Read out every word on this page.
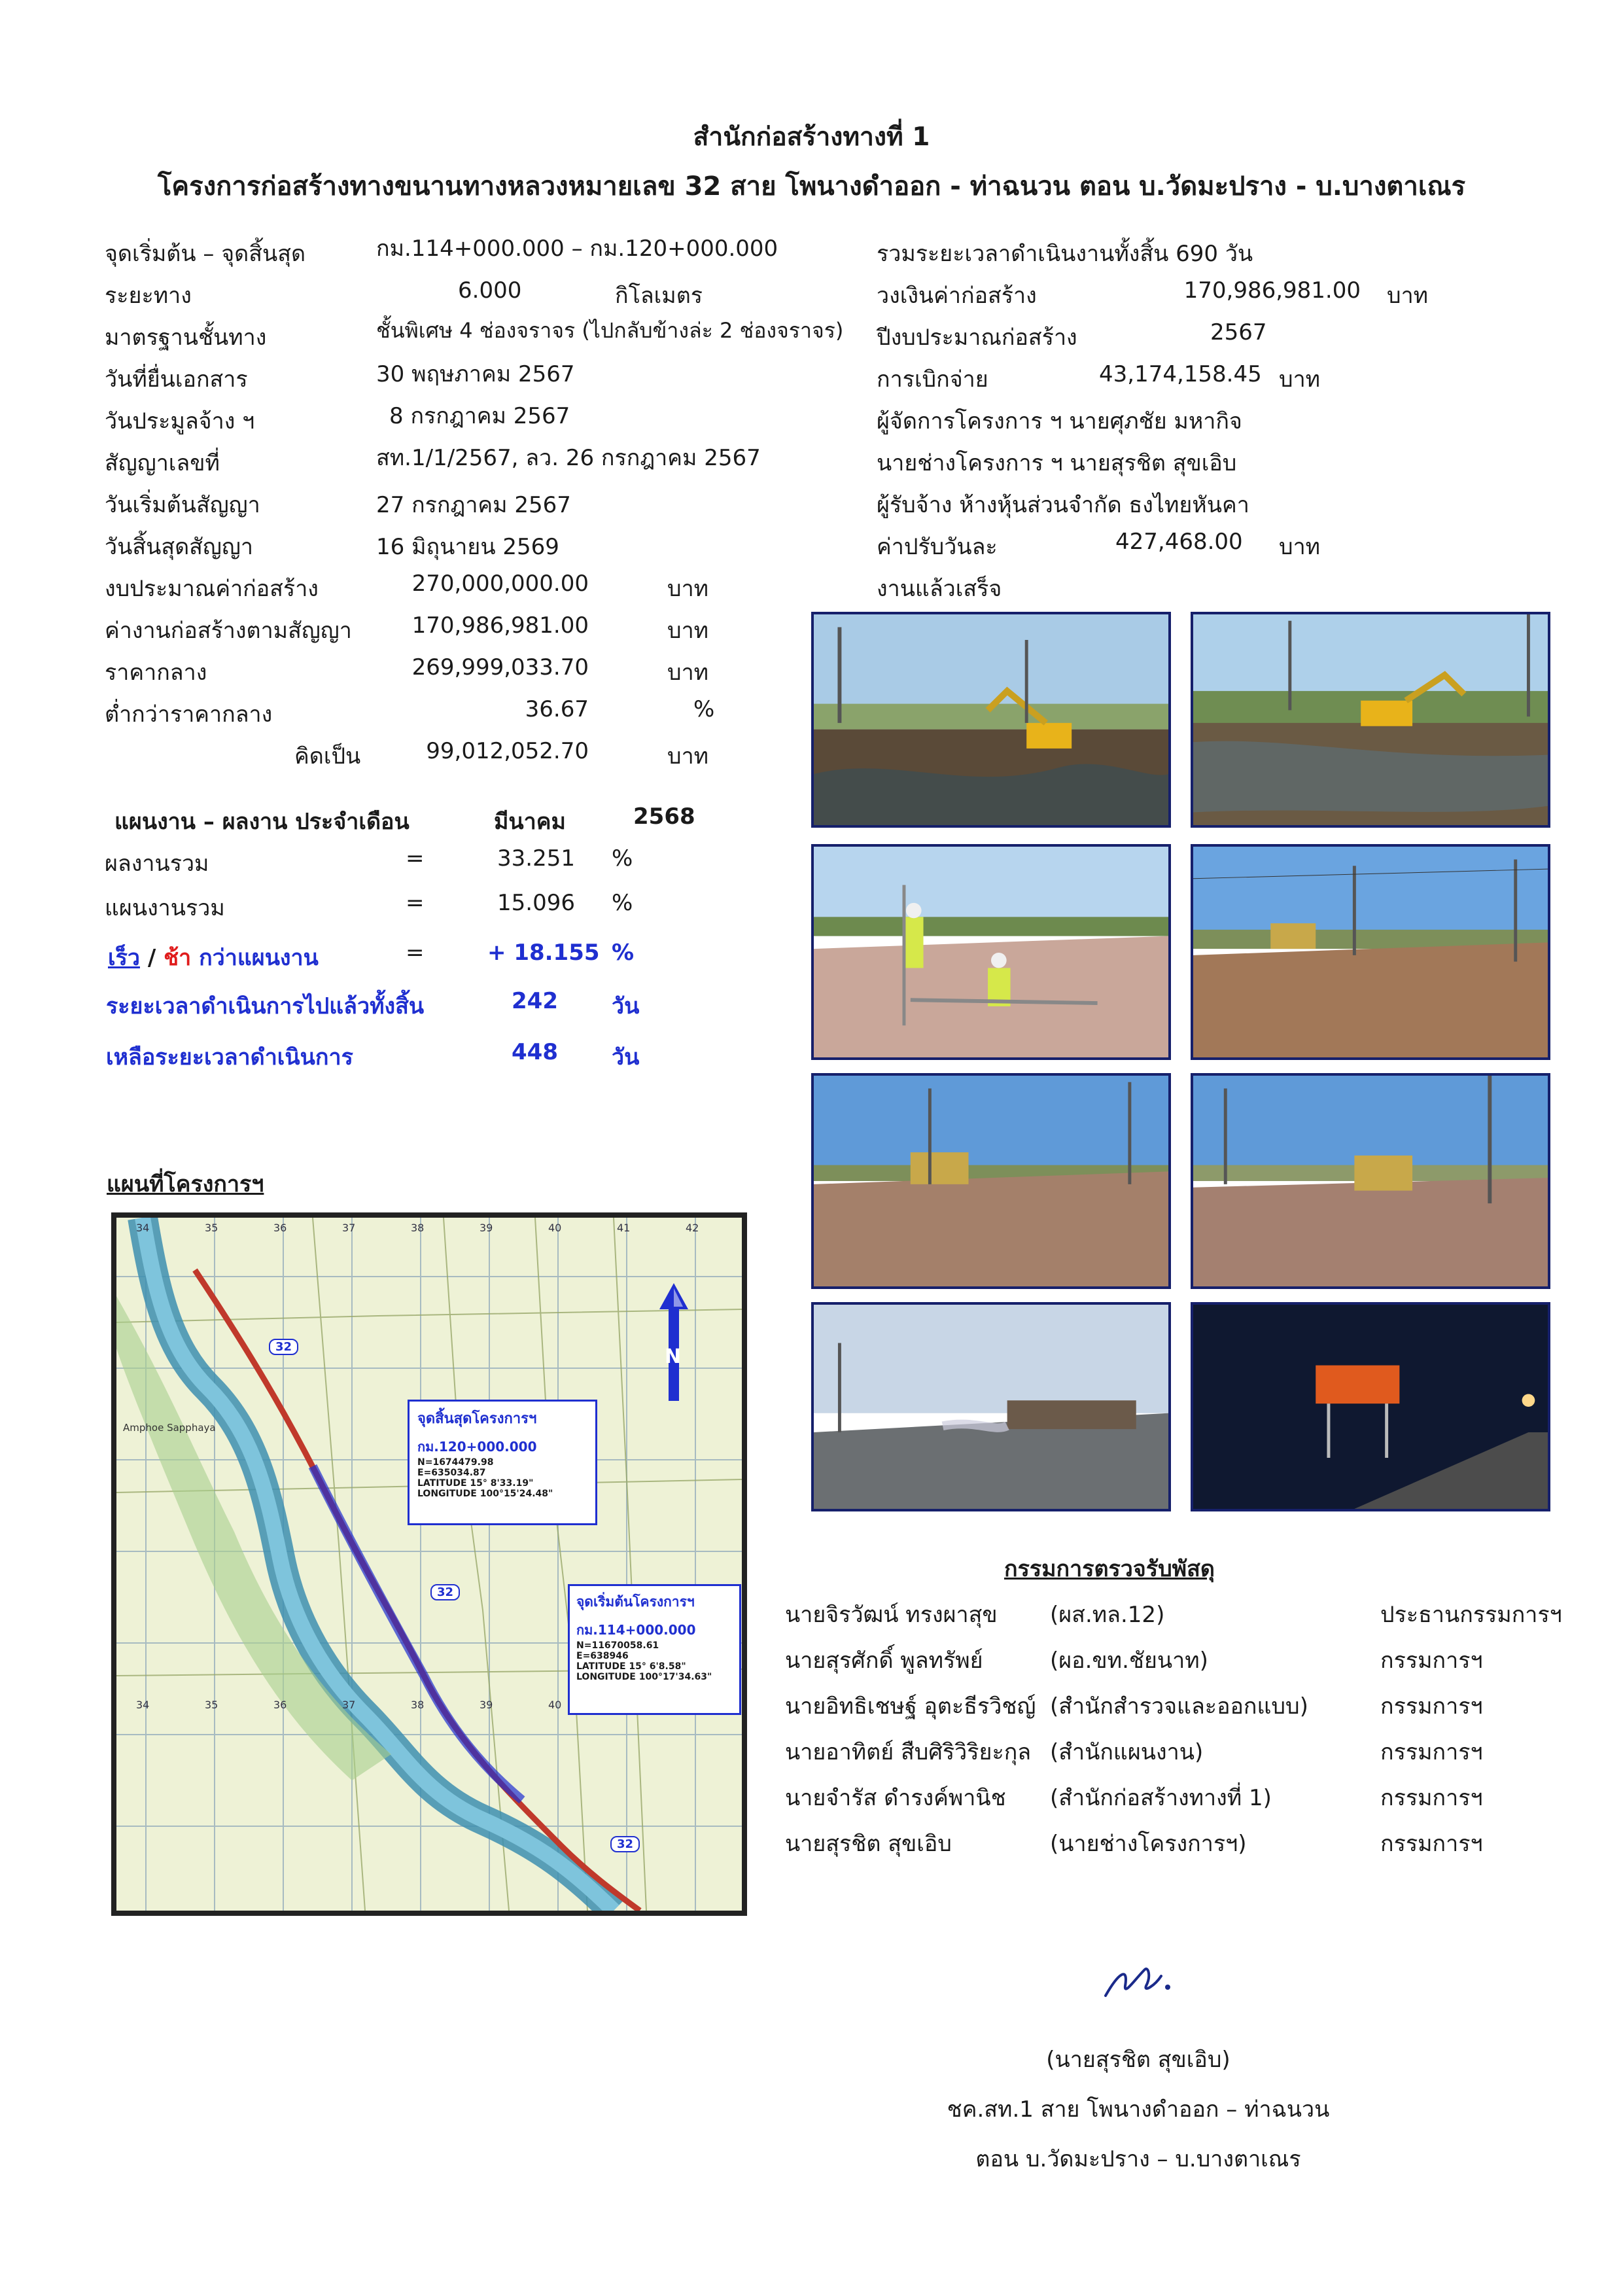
สำนักก่อสร้างทางที่ 1
โครงการก่อสร้างทางขนานทางหลวงหมายเลข 32 สาย โพนางดำออก - ท่าฉนวน ตอน บ.วัดมะปราง - บ.บางตาเณร
จุดเริ่มต้น – จุดสิ้นสุด	กม.114+000.000 – กม.120+000.000
ระยะทาง	6.000	กิโลเมตร
มาตรฐานชั้นทาง	ชั้นพิเศษ 4 ช่องจราจร (ไปกลับข้างล่ะ 2 ช่องจราจร)
วันที่ยื่นเอกสาร	30 พฤษภาคม 2567
วันประมูลจ้าง ฯ	8 กรกฎาคม 2567
สัญญาเลขที่	สท.1/1/2567, ลว. 26 กรกฎาคม 2567
วันเริ่มต้นสัญญา	27 กรกฎาคม 2567
วันสิ้นสุดสัญญา	16 มิถุนายน 2569
งบประมาณค่าก่อสร้าง	270,000,000.00	บาท
ค่างานก่อสร้างตามสัญญา	170,986,981.00	บาท
ราคากลาง	269,999,033.70	บาท
ต่ำกว่าราคากลาง	36.67	%
คิดเป็น	99,012,052.70	บาท
รวมระยะเวลาดำเนินงานทั้งสิ้น 690 วัน
วงเงินค่าก่อสร้าง	170,986,981.00 บาท
ปีงบประมาณก่อสร้าง	2567
การเบิกจ่าย	43,174,158.45 บาท
ผู้จัดการโครงการ ฯ นายศุภชัย มหากิจ
นายช่างโครงการ ฯ นายสุรชิต สุขเอิบ
ผู้รับจ้าง ห้างหุ้นส่วนจำกัด ธงไทยหันคา
ค่าปรับวันละ	427,468.00 บาท
งานแล้วเสร็จ
แผนงาน – ผลงาน ประจำเดือน	มีนาคม	2568
ผลงานรวม	=	33.251 %
แผนงานรวม	=	15.096 %
เร็ว / ช้า กว่าแผนงาน	=	+ 18.155 %
ระยะเวลาดำเนินการไปแล้วทั้งสิ้น	242 วัน
เหลือระยะเวลาดำเนินการ	448 วัน
แผนที่โครงการฯ
34	35	36	37	38	39	40	41	42
34	35	36	37	38	39	40
32
32
32
Amphoe Sapphaya
N
จุดสิ้นสุดโครงการฯ
กม.120+000.000
N=1674479.98
E=635034.87
LATITUDE 15° 8'33.19"
LONGITUDE 100°15'24.48"
จุดเริ่มต้นโครงการฯ
กม.114+000.000
N=11670058.61
E=638946
LATITUDE 15° 6'8.58"
LONGITUDE 100°17'34.63"
กรรมการตรวจรับพัสดุ
นายจิรวัฒน์ ทรงผาสุข (ผส.ทล.12)	ประธานกรรมการฯ
นายสุรศักดิ์ พูลทรัพย์	(ผอ.ขท.ชัยนาท)	กรรมการฯ
นายอิทธิเชษฐ์ อุตะธีรวิชญ์ (สำนักสำรวจและออกแบบ)	กรรมการฯ
นายอาทิตย์ สืบศิริวิริยะกุล (สำนักแผนงาน)	กรรมการฯ
นายจำรัส ดำรงค์พานิช (สำนักก่อสร้างทางที่ 1)	กรรมการฯ
นายสุรชิต สุขเอิบ	(นายช่างโครงการฯ)	กรรมการฯ
(นายสุรชิต สุขเอิบ)
ชค.สท.1 สาย โพนางดำออก – ท่าฉนวน
ตอน บ.วัดมะปราง – บ.บางตาเณร
